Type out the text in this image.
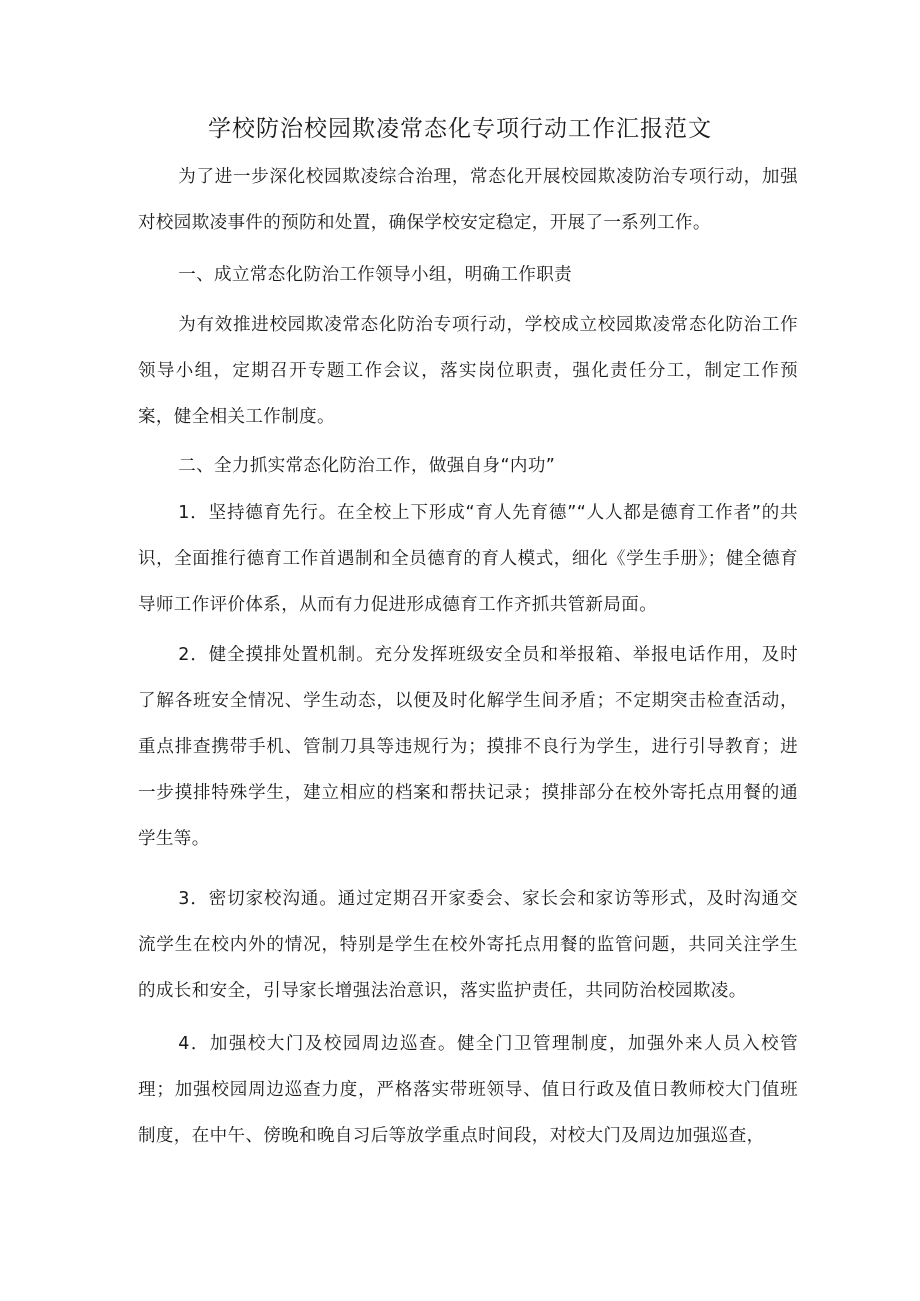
学校防治校园欺凌常态化专项行动工作汇报范文

为了进一步深化校园欺凌综合治理，常态化开展校园欺凌防治专项行动，加强对校园欺凌事件的预防和处置，确保学校安定稳定，开展了一系列工作。

一、成立常态化防治工作领导小组，明确工作职责

为有效推进校园欺凌常态化防治专项行动，学校成立校园欺凌常态化防治工作领导小组，定期召开专题工作会议，落实岗位职责，强化责任分工，制定工作预案，健全相关工作制度。

二、全力抓实常态化防治工作，做强自身“内功”

1．坚持德育先行。在全校上下形成“育人先育德”“人人都是德育工作者”的共识，全面推行德育工作首遇制和全员德育的育人模式，细化《学生手册》；健全德育导师工作评价体系，从而有力促进形成德育工作齐抓共管新局面。

2．健全摸排处置机制。充分发挥班级安全员和举报箱、举报电话作用，及时了解各班安全情况、学生动态，以便及时化解学生间矛盾；不定期突击检查活动，重点排查携带手机、管制刀具等违规行为；摸排不良行为学生，进行引导教育；进一步摸排特殊学生，建立相应的档案和帮扶记录；摸排部分在校外寄托点用餐的通学生等。

3．密切家校沟通。通过定期召开家委会、家长会和家访等形式，及时沟通交流学生在校内外的情况，特别是学生在校外寄托点用餐的监管问题，共同关注学生的成长和安全，引导家长增强法治意识，落实监护责任，共同防治校园欺凌。

4．加强校大门及校园周边巡查。健全门卫管理制度，加强外来人员入校管理；加强校园周边巡查力度，严格落实带班领导、值日行政及值日教师校大门值班制度，在中午、傍晚和晚自习后等放学重点时间段，对校大门及周边加强巡查，
